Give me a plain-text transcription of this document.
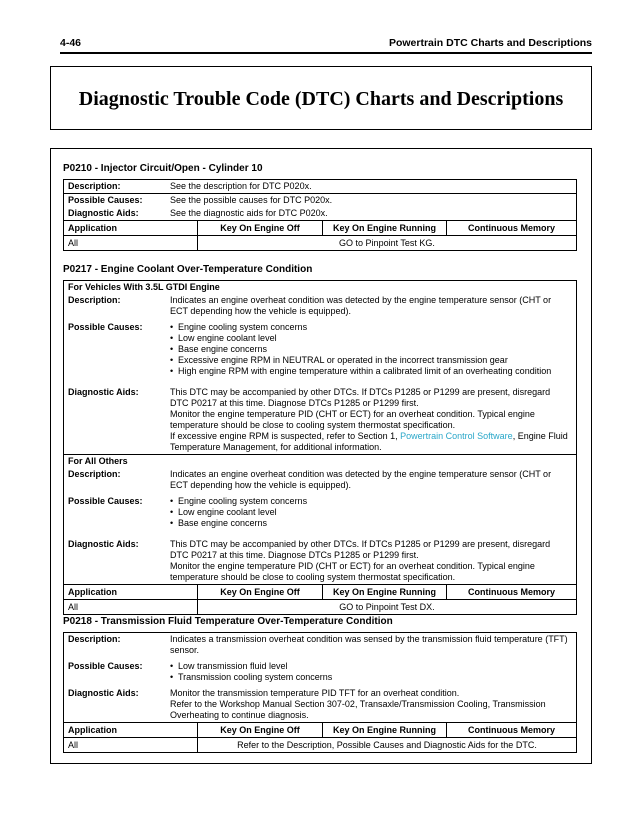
4-46	Powertrain DTC Charts and Descriptions
Diagnostic Trouble Code (DTC) Charts and Descriptions
P0210 - Injector Circuit/Open - Cylinder 10
Description:	See the description for DTC P020x.
Possible Causes:	See the possible causes for DTC P020x.
Diagnostic Aids:	See the diagnostic aids for DTC P020x.
Application	Key On Engine Off	Key On Engine Running	Continuous Memory
All	GO to Pinpoint Test KG.
P0217 - Engine Coolant Over-Temperature Condition
For Vehicles With 3.5L GTDI Engine
Description:	Indicates an engine overheat condition was detected by the engine temperature sensor (CHT or ECT depending how the vehicle is equipped).
Possible Causes:	• Engine cooling system concerns
• Low engine coolant level
• Base engine concerns
• Excessive engine RPM in NEUTRAL or operated in the incorrect transmission gear
• High engine RPM with engine temperature within a calibrated limit of an overheating condition
Diagnostic Aids:	This DTC may be accompanied by other DTCs. If DTCs P1285 or P1299 are present, disregard DTC P0217 at this time. Diagnose DTCs P1285 or P1299 first.
Monitor the engine temperature PID (CHT or ECT) for an overheat condition. Typical engine temperature should be close to cooling system thermostat specification.
If excessive engine RPM is suspected, refer to Section 1, Powertrain Control Software, Engine Fluid Temperature Management, for additional information.
For All Others
Description:	Indicates an engine overheat condition was detected by the engine temperature sensor (CHT or ECT depending how the vehicle is equipped).
Possible Causes:	• Engine cooling system concerns
• Low engine coolant level
• Base engine concerns
Diagnostic Aids:	This DTC may be accompanied by other DTCs. If DTCs P1285 or P1299 are present, disregard DTC P0217 at this time. Diagnose DTCs P1285 or P1299 first.
Monitor the engine temperature PID (CHT or ECT) for an overheat condition. Typical engine temperature should be close to cooling system thermostat specification.
Application	Key On Engine Off	Key On Engine Running	Continuous Memory
All	GO to Pinpoint Test DX.
P0218 - Transmission Fluid Temperature Over-Temperature Condition
Description:	Indicates a transmission overheat condition was sensed by the transmission fluid temperature (TFT) sensor.
Possible Causes:	• Low transmission fluid level
• Transmission cooling system concerns
Diagnostic Aids:	Monitor the transmission temperature PID TFT for an overheat condition.
Refer to the Workshop Manual Section 307-02, Transaxle/Transmission Cooling, Transmission Overheating to continue diagnosis.
Application	Key On Engine Off	Key On Engine Running	Continuous Memory
All	Refer to the Description, Possible Causes and Diagnostic Aids for the DTC.
